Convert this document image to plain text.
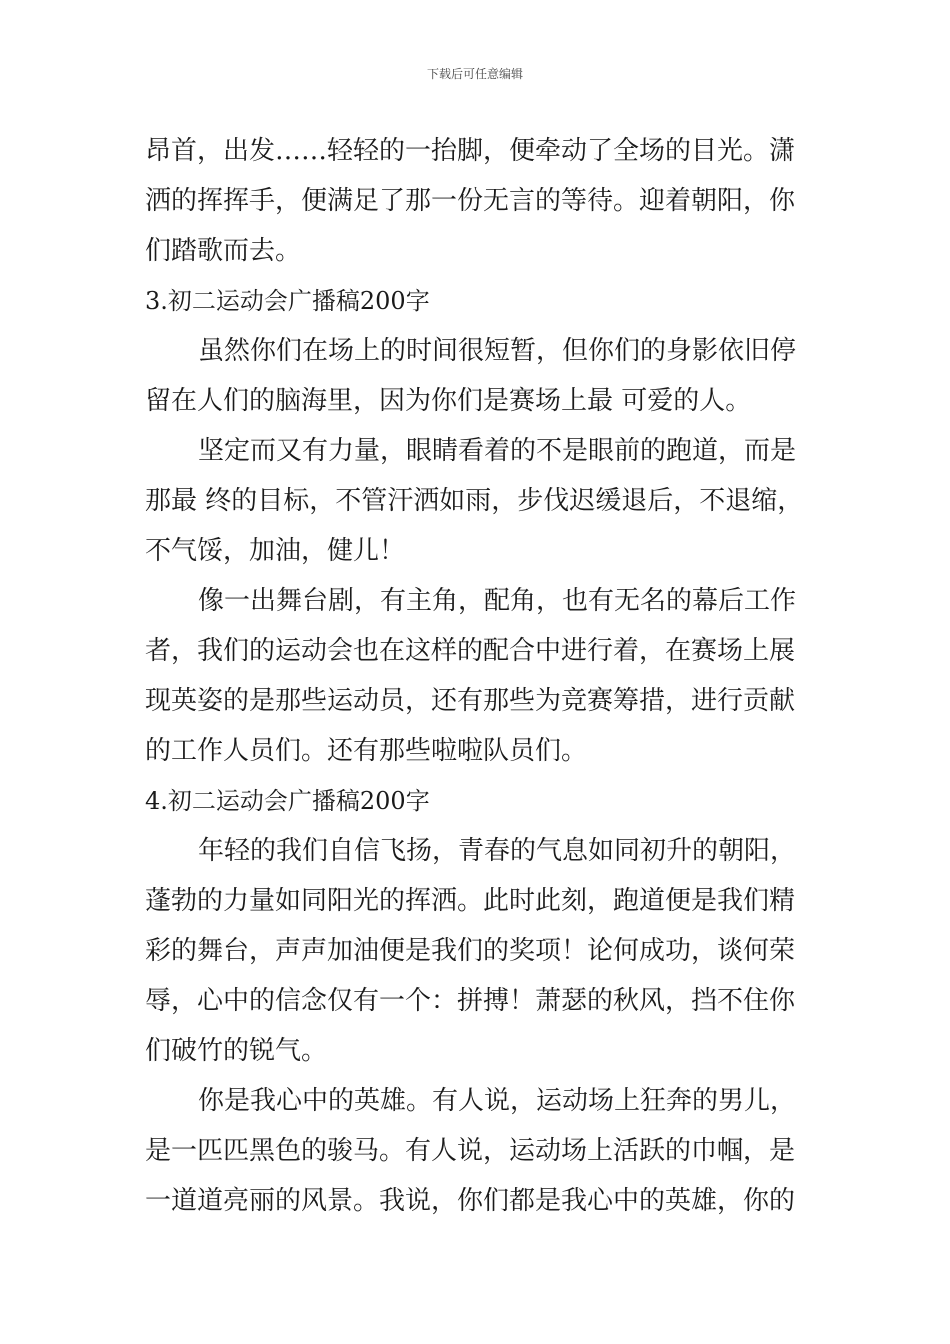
下载后可任意编辑
昂首，出发……轻轻的一抬脚，便牵动了全场的目光。潇
洒的挥挥手，便满足了那一份无言的等待。迎着朝阳，你
们踏歌而去。
3.初二运动会广播稿200字
虽然你们在场上的时间很短暂，但你们的身影依旧停
留在人们的脑海里，因为你们是赛场上最 可爱的人。
坚定而又有力量，眼睛看着的不是眼前的跑道，而是
那最 终的目标，不管汗洒如雨，步伐迟缓退后，不退缩，
不气馁，加油，健儿！
像一出舞台剧，有主角，配角，也有无名的幕后工作
者，我们的运动会也在这样的配合中进行着，在赛场上展
现英姿的是那些运动员，还有那些为竞赛筹措，进行贡献
的工作人员们。还有那些啦啦队员们。
4.初二运动会广播稿200字
年轻的我们自信飞扬，青春的气息如同初升的朝阳，
蓬勃的力量如同阳光的挥洒。此时此刻，跑道便是我们精
彩的舞台，声声加油便是我们的奖项！论何成功，谈何荣
辱，心中的信念仅有一个：拼搏！萧瑟的秋风，挡不住你
们破竹的锐气。
你是我心中的英雄。有人说，运动场上狂奔的男儿，
是一匹匹黑色的骏马。有人说，运动场上活跃的巾帼，是
一道道亮丽的风景。我说，你们都是我心中的英雄，你的
